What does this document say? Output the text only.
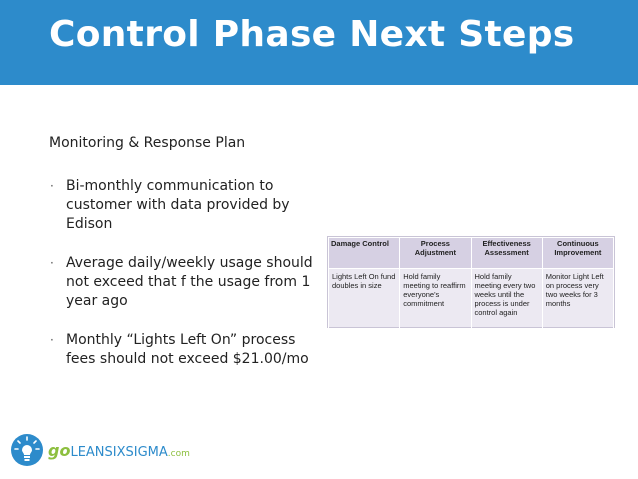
Control Phase Next Steps
Monitoring & Response Plan
· Bi-monthly communication to customer with data provided by Edison
· Average daily/weekly usage should not exceed that f the usage from 1 year ago
· Monthly “Lights Left On” process fees should not exceed $21.00/mo
Damage Control	Process Adjustment	Effectiveness Assessment	Continuous Improvement
Lights Left On fund doubles in size	Hold family meeting to reaffirm everyone's commitment	Hold family meeting every two weeks until the process is under control again	Monitor Light Left on process very two weeks for 3 months
goLEANSIXSIGMA.com
